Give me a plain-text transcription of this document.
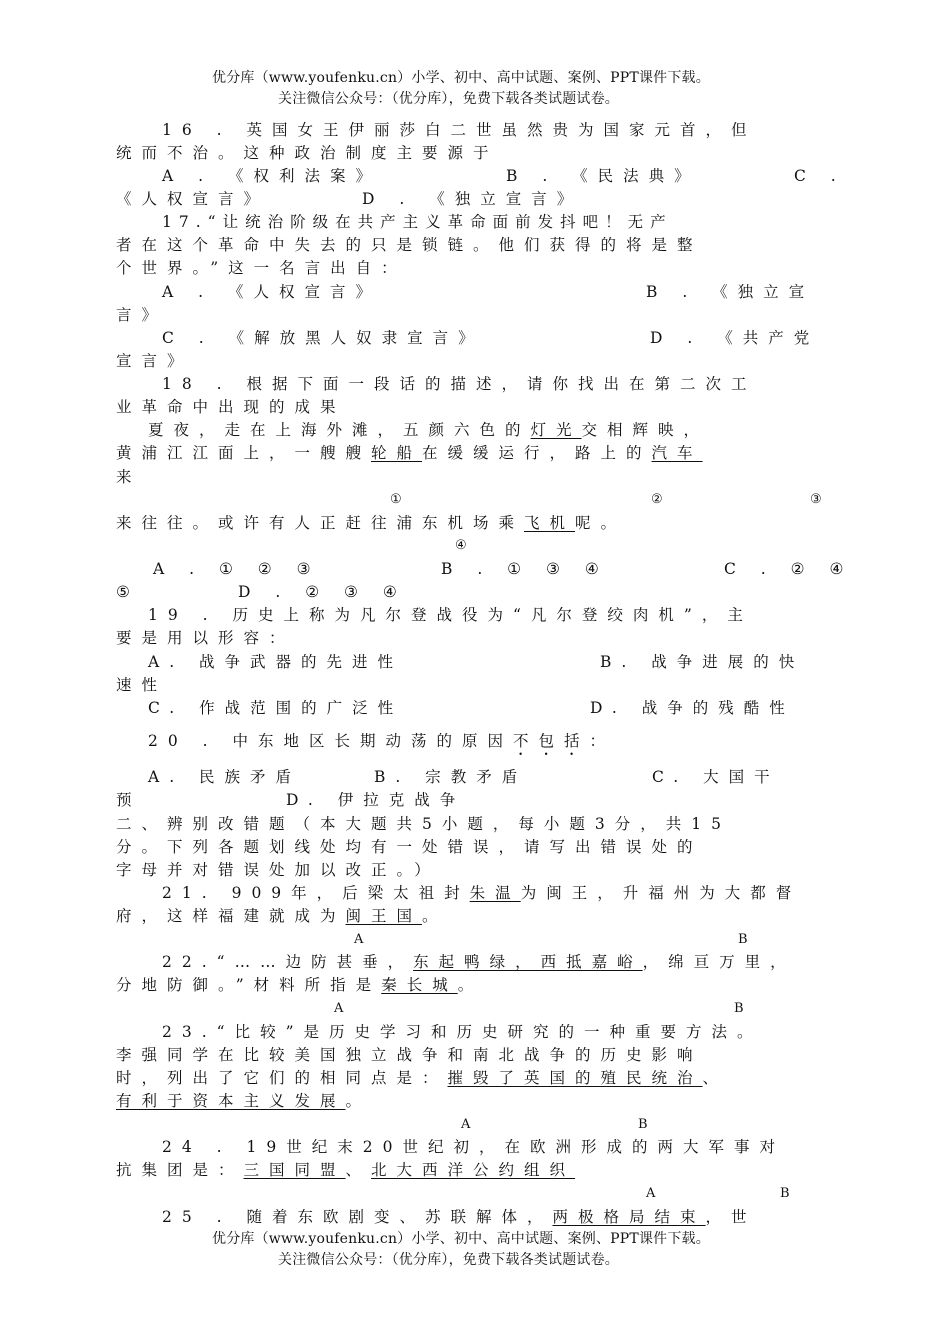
优分库（www.youfenku.cn）小学、初中、高中试题、案例、PPT课件下载。
关注微信公众号：（优分库），免费下载各类试题试卷。
16 . 英国女王伊丽莎白二世虽然贵为国家元首，但
统而不治。这种政治制度主要源于
A . 《权利法案》	B . 《民法典》	C .
《人权宣言》	D . 《独立宣言》
17.“让统治阶级在共产主义革命面前发抖吧！无产
者在这个革命中失去的只是锁链。他们获得的将是整
个世界。”这一名言出自：
A . 《人权宣言》	B . 《独立宣
言》
C . 《解放黑人奴隶宣言》	D . 《共产党
宣言》
18 . 根据下面一段话的描述，请你找出在第二次工
业革命中出现的成果
夏夜，走在上海外滩，五颜六色的灯光交相辉映，
黄浦江江面上，一艘艘轮船在缓缓运行，路上的汽车
来
①	②	③
来往往。或许有人正赶往浦东机场乘飞机呢。
④
A . ① ② ③	B . ① ③ ④	C . ② ④
⑤	D . ② ③ ④
19 . 历史上称为凡尔登战役为“凡尔登绞肉机”，主
要是用以形容：
A. 战争武器的先进性	B. 战争进展的快
速性
C. 作战范围的广泛性	D. 战争的残酷性
20 . 中东地区长期动荡的原因不包括：
A. 民族矛盾	B. 宗教矛盾	C. 大国干
预	D. 伊拉克战争
二、辨别改错题（本大题共5小题，每小题3分，共15
分。下列各题划线处均有一处错误，请写出错误处的
字母并对错误处加以改正。）
21. 909年，后梁太祖封朱温为闽王，升福州为大都督
府，这样福建就成为闽王国。
A	B
22.“……边防甚垂，东起鸭绿，西抵嘉峪，绵亘万里，
分地防御。”材料所指是秦长城。
A	B
23.“比较”是历史学习和历史研究的一种重要方法。
李强同学在比较美国独立战争和南北战争的历史影响
时，列出了它们的相同点是：摧毁了英国的殖民统治、
有利于资本主义发展。
A	B
24 . 19世纪末20世纪初，在欧洲形成的两大军事对
抗集团是：三国同盟、北大西洋公约组织
A	B
25 . 随着东欧剧变、苏联解体，两极格局结束，世
优分库（www.youfenku.cn）小学、初中、高中试题、案例、PPT课件下载。
关注微信公众号：（优分库），免费下载各类试题试卷。
